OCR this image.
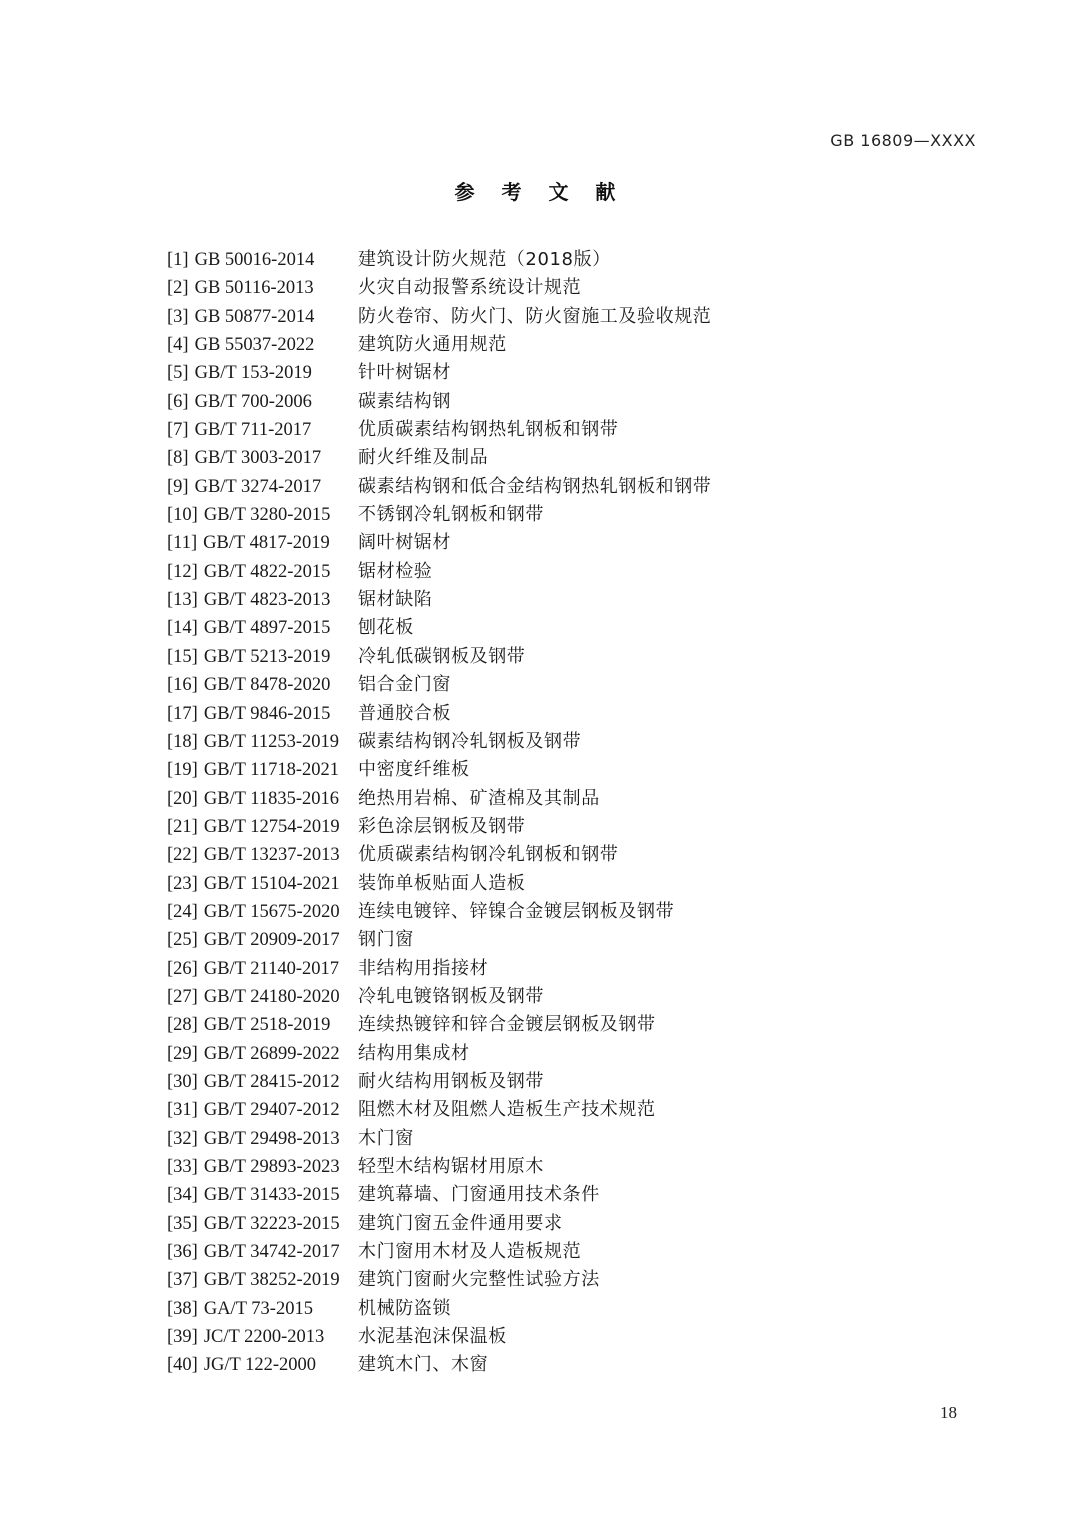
GB 16809—XXXX
参 考 文 献
[1] GB 50016-2014 建筑设计防火规范（2018版）
[2] GB 50116-2013 火灾自动报警系统设计规范
[3] GB 50877-2014 防火卷帘、防火门、防火窗施工及验收规范
[4] GB 55037-2022 建筑防火通用规范
[5] GB/T 153-2019	针叶树锯材
[6] GB/T 700-2006	碳素结构钢
[7] GB/T 711-2017	优质碳素结构钢热轧钢板和钢带
[8] GB/T 3003-2017 耐火纤维及制品
[9] GB/T 3274-2017 碳素结构钢和低合金结构钢热轧钢板和钢带
[10] GB/T 3280-2015 不锈钢冷轧钢板和钢带
[11] GB/T 4817-2019 阔叶树锯材
[12] GB/T 4822-2015 锯材检验
[13] GB/T 4823-2013 锯材缺陷
[14] GB/T 4897-2015 刨花板
[15] GB/T 5213-2019 冷轧低碳钢板及钢带
[16] GB/T 8478-2020 铝合金门窗
[17] GB/T 9846-2015 普通胶合板
[18] GB/T 11253-2019 碳素结构钢冷轧钢板及钢带
[19] GB/T 11718-2021 中密度纤维板
[20] GB/T 11835-2016 绝热用岩棉、矿渣棉及其制品
[21] GB/T 12754-2019 彩色涂层钢板及钢带
[22] GB/T 13237-2013 优质碳素结构钢冷轧钢板和钢带
[23] GB/T 15104-2021 装饰单板贴面人造板
[24] GB/T 15675-2020 连续电镀锌、锌镍合金镀层钢板及钢带
[25] GB/T 20909-2017 钢门窗
[26] GB/T 21140-2017 非结构用指接材
[27] GB/T 24180-2020 冷轧电镀铬钢板及钢带
[28] GB/T 2518-2019 连续热镀锌和锌合金镀层钢板及钢带
[29] GB/T 26899-2022 结构用集成材
[30] GB/T 28415-2012 耐火结构用钢板及钢带
[31] GB/T 29407-2012 阻燃木材及阻燃人造板生产技术规范
[32] GB/T 29498-2013 木门窗
[33] GB/T 29893-2023 轻型木结构锯材用原木
[34] GB/T 31433-2015 建筑幕墙、门窗通用技术条件
[35] GB/T 32223-2015 建筑门窗五金件通用要求
[36] GB/T 34742-2017 木门窗用木材及人造板规范
[37] GB/T 38252-2019 建筑门窗耐火完整性试验方法
[38] GA/T 73-2015	机械防盗锁
[39] JC/T 2200-2013 水泥基泡沫保温板
[40] JG/T 122-2000 建筑木门、木窗
18
